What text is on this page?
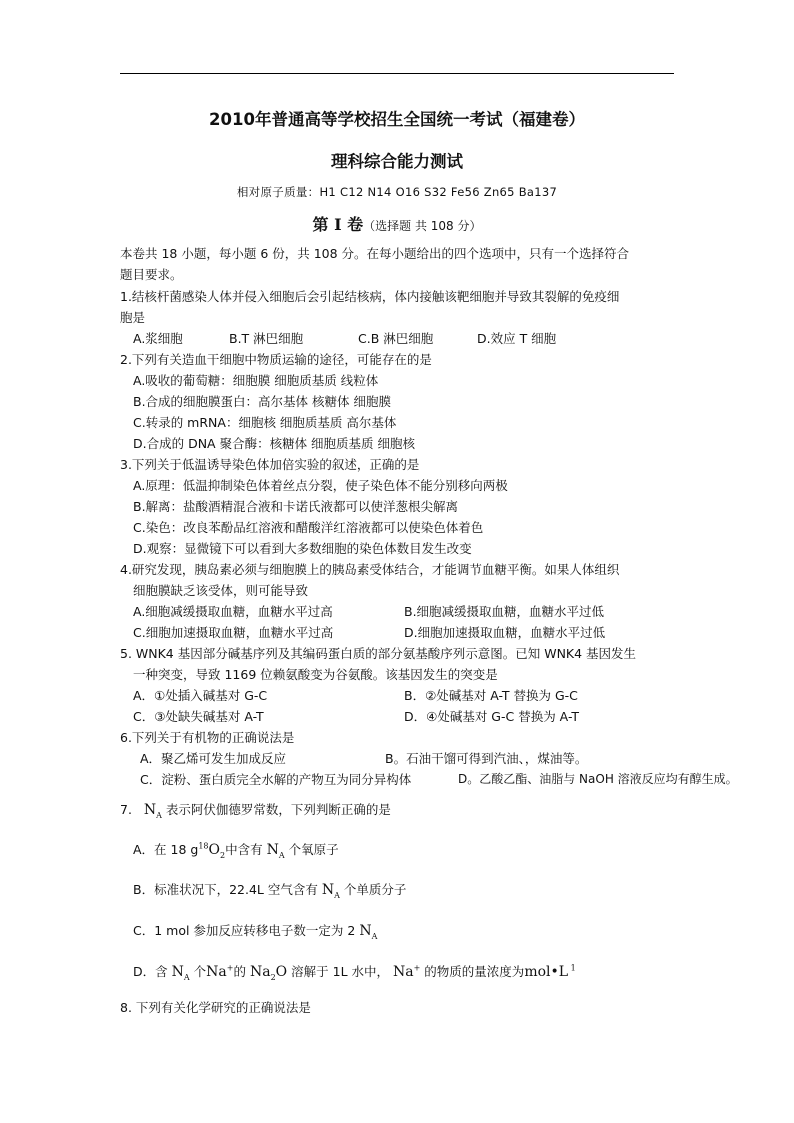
2010年普通高等学校招生全国统一考试（福建卷）
理科综合能力测试
相对原子质量：H1 C12 N14 O16 S32 Fe56 Zn65 Ba137
第 I 卷（选择题 共 108 分）
本卷共 18 小题，每小题 6 份，共 108 分。在每小题给出的四个选项中，只有一个选择符合
题目要求。
1.结核杆菌感染人体并侵入细胞后会引起结核病，体内接触该靶细胞并导致其裂解的免疫细
胞是
A.浆细胞	B.T 淋巴细胞	C.B 淋巴细胞	D.效应 T 细胞
2.下列有关造血干细胞中物质运输的途径，可能存在的是
A.吸收的葡萄糖：细胞膜 细胞质基质 线粒体
B.合成的细胞膜蛋白：高尔基体 核糖体 细胞膜
C.转录的 mRNA：细胞核 细胞质基质 高尔基体
D.合成的 DNA 聚合酶：核糖体 细胞质基质 细胞核
3.下列关于低温诱导染色体加倍实验的叙述，正确的是
A.原理：低温抑制染色体着丝点分裂，使子染色体不能分别移向两极
B.解离：盐酸酒精混合液和卡诺氏液都可以使洋葱根尖解离
C.染色：改良苯酚品红溶液和醋酸洋红溶液都可以使染色体着色
D.观察：显微镜下可以看到大多数细胞的染色体数目发生改变
4.研究发现，胰岛素必须与细胞膜上的胰岛素受体结合，才能调节血糖平衡。如果人体组织
细胞膜缺乏该受体，则可能导致
A.细胞减缓摄取血糖，血糖水平过高	B.细胞减缓摄取血糖，血糖水平过低
C.细胞加速摄取血糖，血糖水平过高	D.细胞加速摄取血糖，血糖水平过低
5. WNK4 基因部分碱基序列及其编码蛋白质的部分氨基酸序列示意图。已知 WNK4 基因发生
一种突变，导致 1169 位赖氨酸变为谷氨酸。该基因发生的突变是
A．①处插入碱基对 G-C	B．②处碱基对 A-T 替换为 G-C
C．③处缺失碱基对 A-T	D．④处碱基对 G-C 替换为 A-T
6.下列关于有机物的正确说法是
A．聚乙烯可发生加成反应	B。石油干馏可得到汽油、，煤油等。
C．淀粉、蛋白质完全水解的产物互为同分异构体	D。乙酸乙酯、油脂与 NaOH 溶液反应均有醇生成。
7. $N_A$ 表示阿伏伽德罗常数，下列判断正确的是
A．在 18 $g^{18}O_2$中含有 $N_A$ 个氧原子
B．标准状况下，22.4L 空气含有 $N_A$ 个单质分子
C．1 mol 参加反应转移电子数一定为 2 $N_A$
D．含 $N_A$ 个Na+的 $Na_2O$ 溶解于 1L 水中， Na+ 的物质的量浓度为mol•L $^1$
8. 下列有关化学研究的正确说法是
